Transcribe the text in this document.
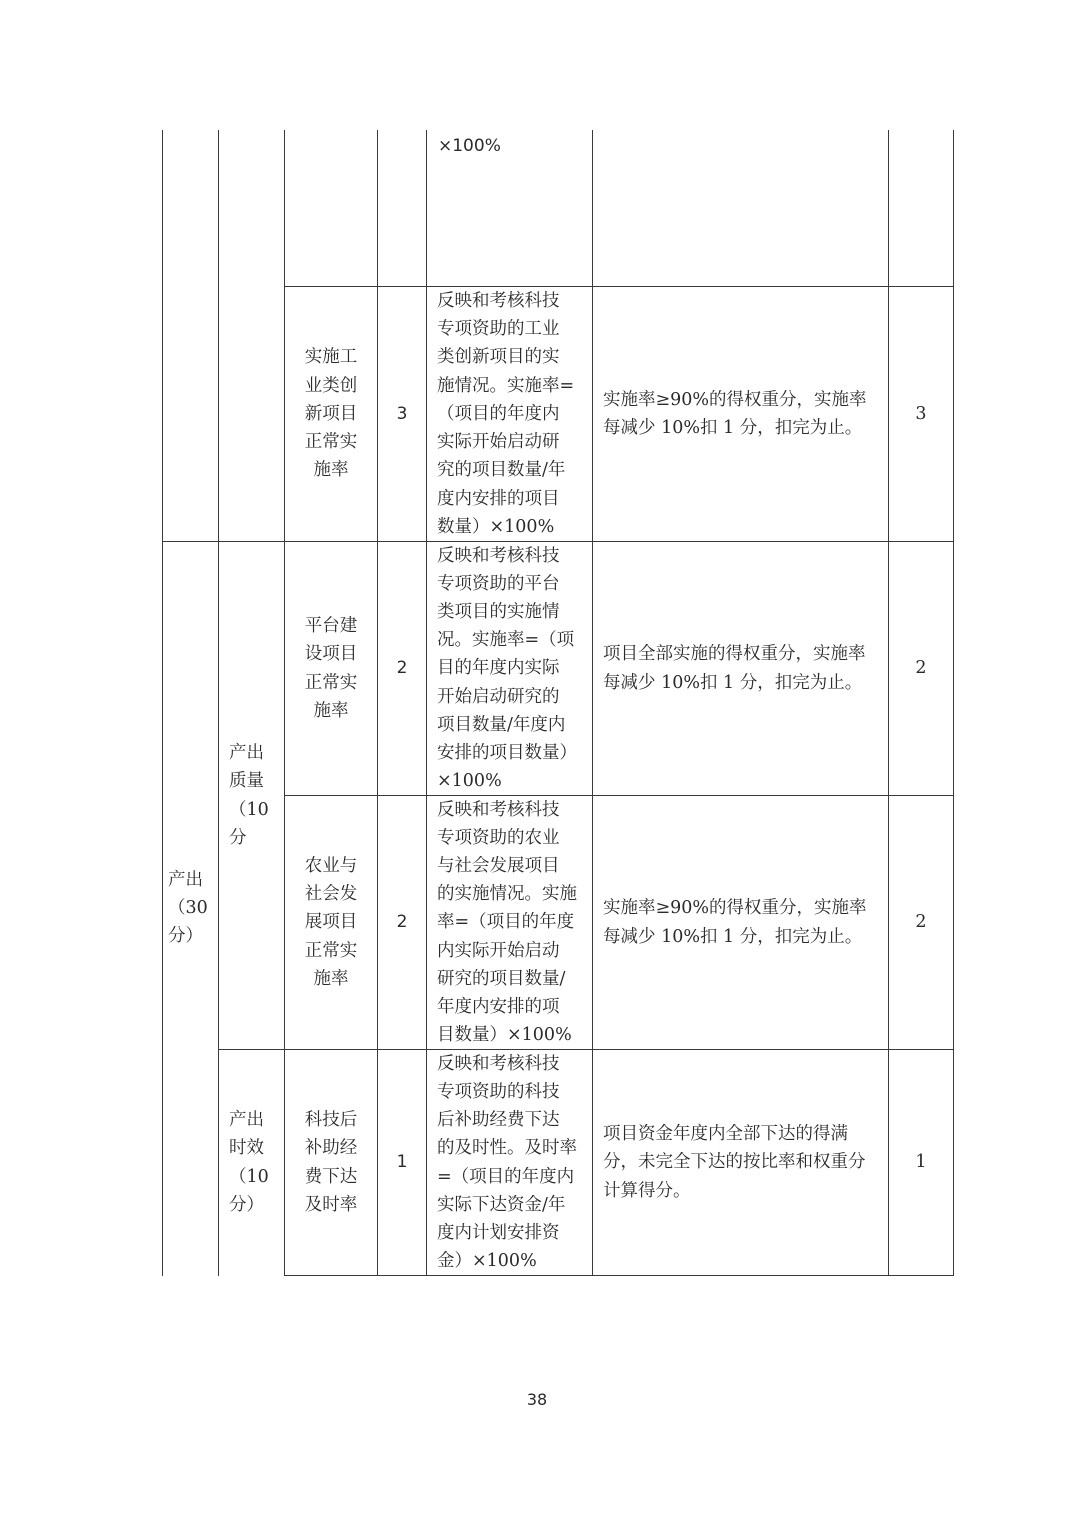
×100%
实施工
业类创
新项目
正常实
施率
3
反映和考核科技
专项资助的工业
类创新项目的实
施情况。实施率=
（项目的年度内
实际开始启动研
究的项目数量/年
度内安排的项目
数量）×100%
实施率≥90%的得权重分，实施率
每减少 10%扣 1 分，扣完为止。
3
平台建
设项目
正常实
施率
2
反映和考核科技
专项资助的平台
类项目的实施情
况。实施率=（项
目的年度内实际
开始启动研究的
项目数量/年度内
安排的项目数量）
×100%
项目全部实施的得权重分，实施率
每减少 10%扣 1 分，扣完为止。
2
农业与
社会发
展项目
正常实
施率
2
反映和考核科技
专项资助的农业
与社会发展项目
的实施情况。实施
率=（项目的年度
内实际开始启动
研究的项目数量/
年度内安排的项
目数量）×100%
实施率≥90%的得权重分，实施率
每减少 10%扣 1 分，扣完为止。
2
科技后
补助经
费下达
及时率
1
反映和考核科技
专项资助的科技
后补助经费下达
的及时性。及时率
=（项目的年度内
实际下达资金/年
度内计划安排资
金）×100%
项目资金年度内全部下达的得满
分，未完全下达的按比率和权重分
计算得分。
1
产出
（30
分）
产出
质量
（10
分
产出
时效
（10
分）
38
